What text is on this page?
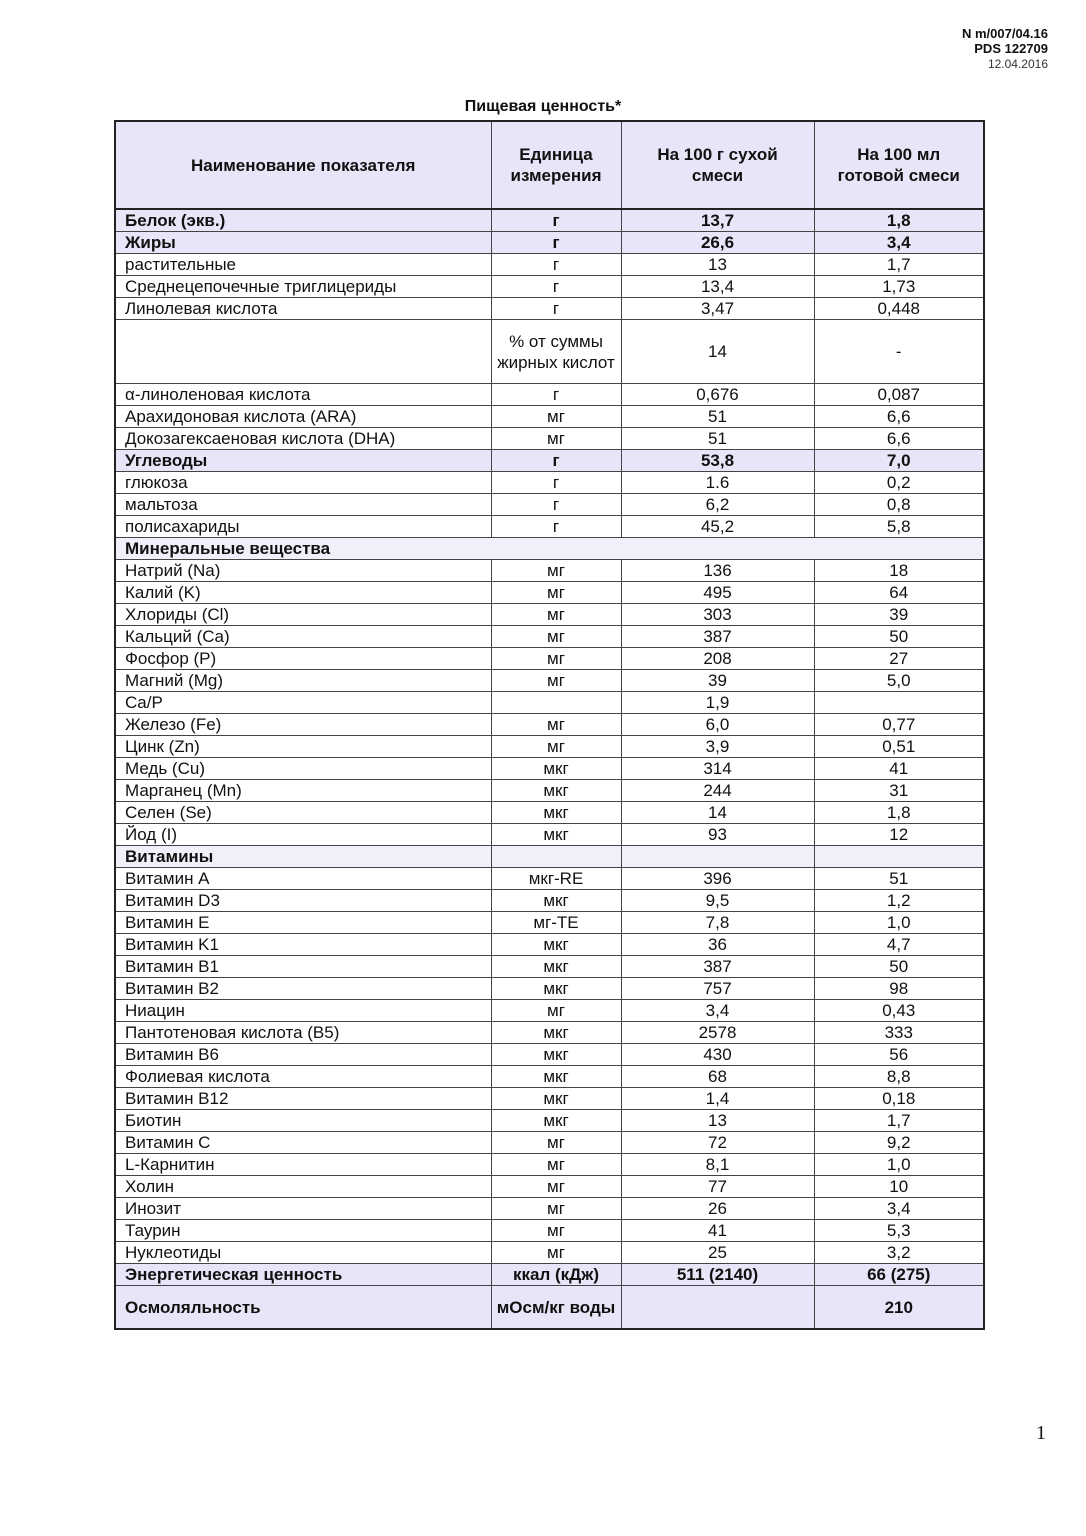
N m/007/04.16
PDS 122709
12.04.2016
Пищевая ценность*
Наименование показателя	Единица измерения	На 100 г сухой смеси	На 100 мл готовой смеси
Белок (экв.)	г	13,7	1,8
Жиры	г	26,6	3,4
растительные	г	13	1,7
Среднецепочечные триглицериды	г	13,4	1,73
Линолевая кислота	г	3,47	0,448
	% от суммы жирных кислот	14	-
α-линоленовая кислота	г	0,676	0,087
Арахидоновая кислота (ARA)	мг	51	6,6
Докозагексаеновая кислота (DHA)	мг	51	6,6
Углеводы	г	53,8	7,0
глюкоза	г	1.6	0,2
мальтоза	г	6,2	0,8
полисахариды	г	45,2	5,8
Минеральные вещества			
Натрий (Na)	мг	136	18
Калий (K)	мг	495	64
Хлориды (Cl)	мг	303	39
Кальций (Ca)	мг	387	50
Фосфор (P)	мг	208	27
Магний (Mg)	мг	39	5,0
Ca/P		1,9	
Железо (Fe)	мг	6,0	0,77
Цинк (Zn)	мг	3,9	0,51
Медь (Cu)	мкг	314	41
Марганец (Mn)	мкг	244	31
Селен (Se)	мкг	14	1,8
Йод (I)	мкг	93	12
Витамины			
Витамин A	мкг-RE	396	51
Витамин D3	мкг	9,5	1,2
Витамин E	мг-TE	7,8	1,0
Витамин K1	мкг	36	4,7
Витамин B1	мкг	387	50
Витамин B2	мкг	757	98
Ниацин	мг	3,4	0,43
Пантотеновая кислота (B5)	мкг	2578	333
Витамин B6	мкг	430	56
Фолиевая кислота	мкг	68	8,8
Витамин B12	мкг	1,4	0,18
Биотин	мкг	13	1,7
Витамин C	мг	72	9,2
L-Карнитин	мг	8,1	1,0
Холин	мг	77	10
Инозит	мг	26	3,4
Таурин	мг	41	5,3
Нуклеотиды	мг	25	3,2
Энергетическая ценность	ккал (кДж)	511 (2140)	66 (275)
Осмоляльность	мОсм/кг воды		210
1
